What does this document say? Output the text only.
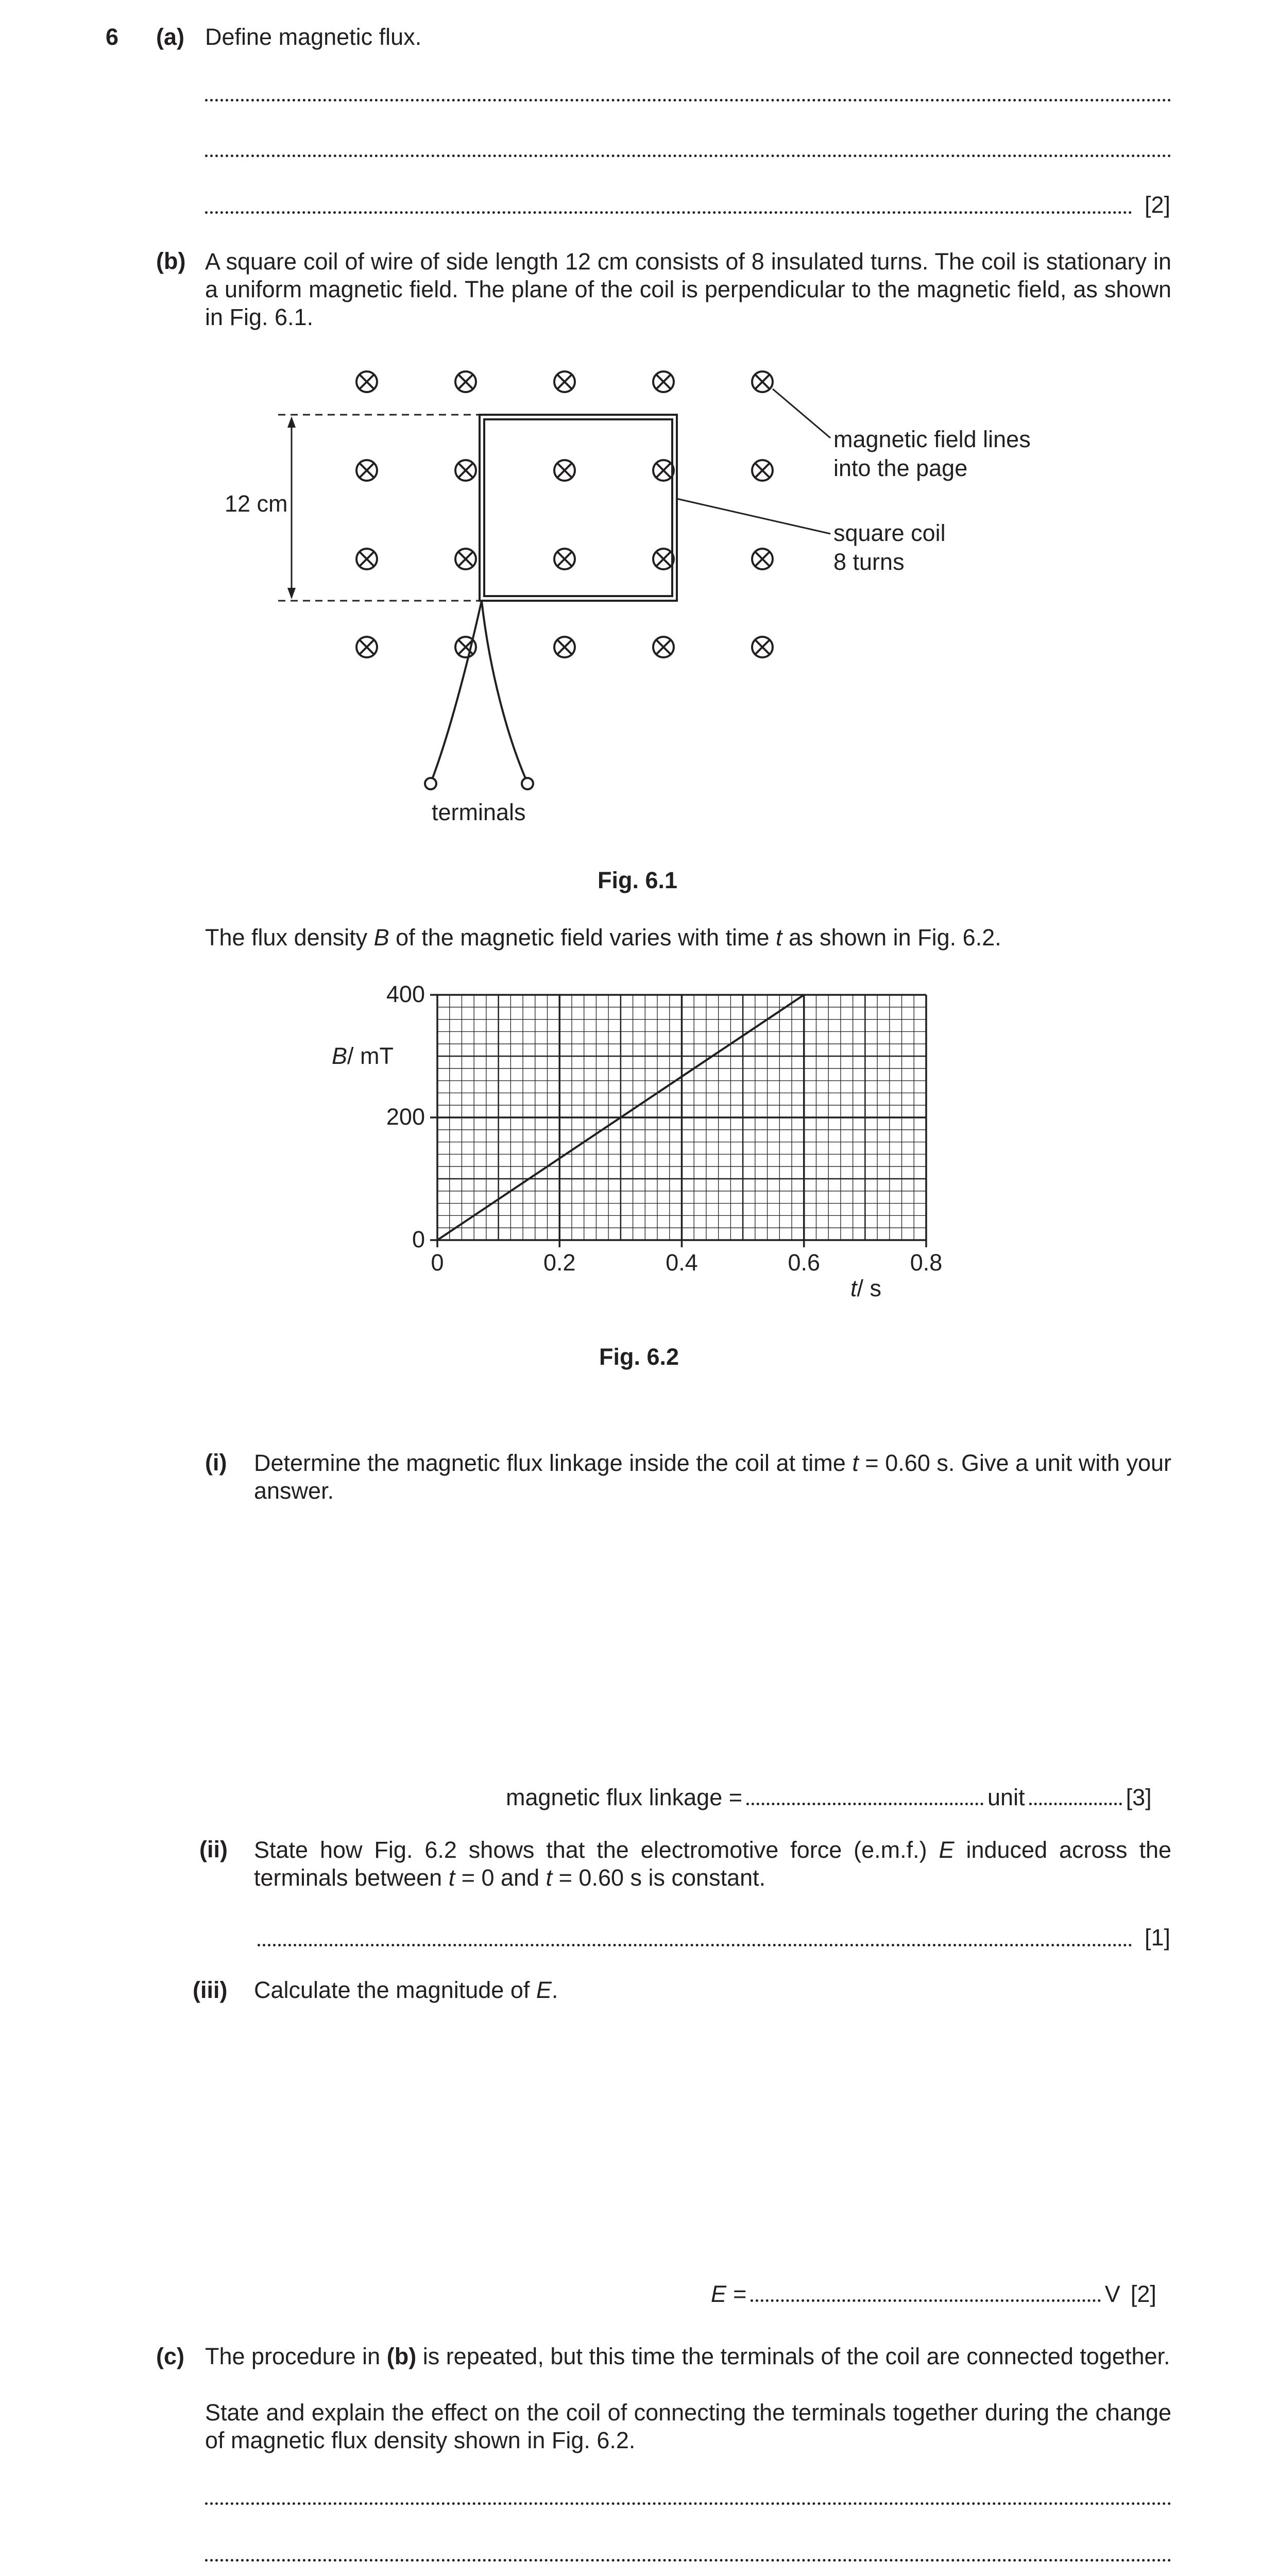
6 (a) Define magnetic flux.
[2]
(b) A square coil of wire of side length 12 cm consists of 8 insulated turns. The coil is stationary in a uniform magnetic field. The plane of the coil is perpendicular to the magnetic field, as shown in Fig. 6.1.
12 cm
magnetic field lines
into the page
square coil
8 turns
terminals
Fig. 6.1
The flux density B of the magnetic field varies with time t as shown in Fig. 6.2.
B/ mT
t/ s
0	0.2	0.4	0.6	0.8
0
200
400
Fig. 6.2
(i) Determine the magnetic flux linkage inside the coil at time t = 0.60 s. Give a unit with your answer.
magnetic flux linkage =	unit	[3]
(ii) State how Fig. 6.2 shows that the electromotive force (e.m.f.) E induced across the terminals between t = 0 and t = 0.60 s is constant.
[1]
(iii) Calculate the magnitude of E.
E =	V [2]
(c) The procedure in (b) is repeated, but this time the terminals of the coil are connected together.
State and explain the effect on the coil of connecting the terminals together during the change of magnetic flux density shown in Fig. 6.2.
